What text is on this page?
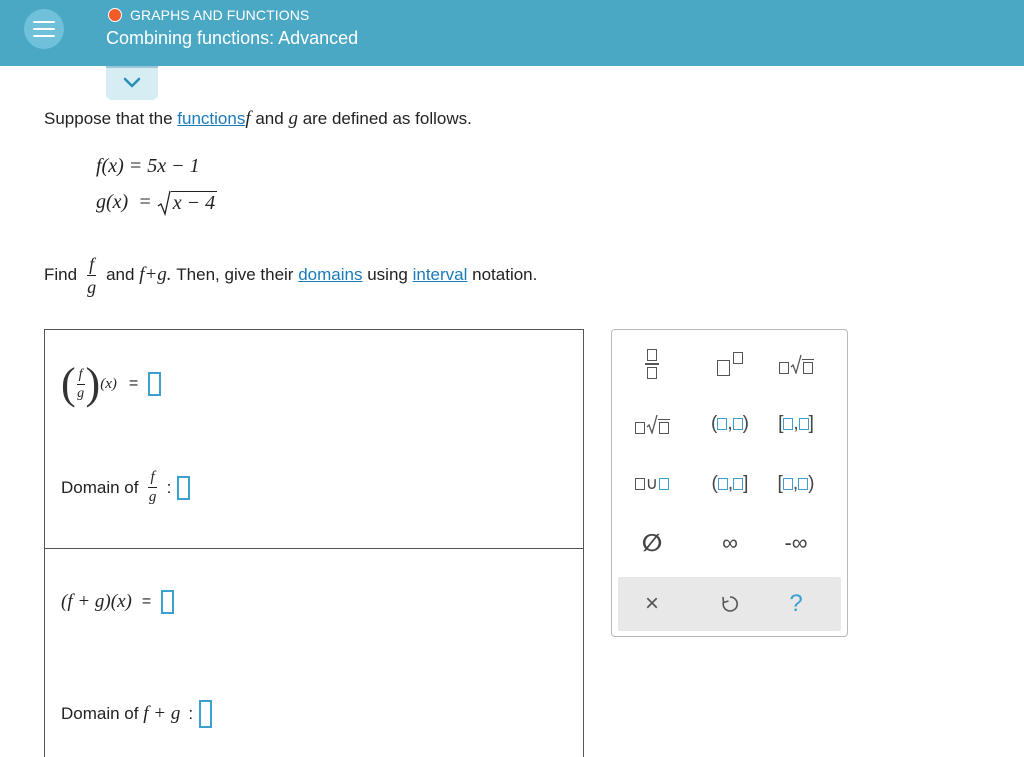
GRAPHS AND FUNCTIONS
Combining functions: Advanced
Suppose that the functionsf and g are defined as follows.
f(x) = 5x − 1
g(x)  = x − 4
Find $\frac{f}{g}$ and
f+g.
Then, give their
domains
using
interval
notation.
( $\frac{f}{g}$ ) (x) =
Domain of $\frac{f}{g}$ :
(f + g)(x) =
Domain of
f + g :
( , ) [ , ]
∪	( , ] [ , )
∅	∞ -∞
×	?
